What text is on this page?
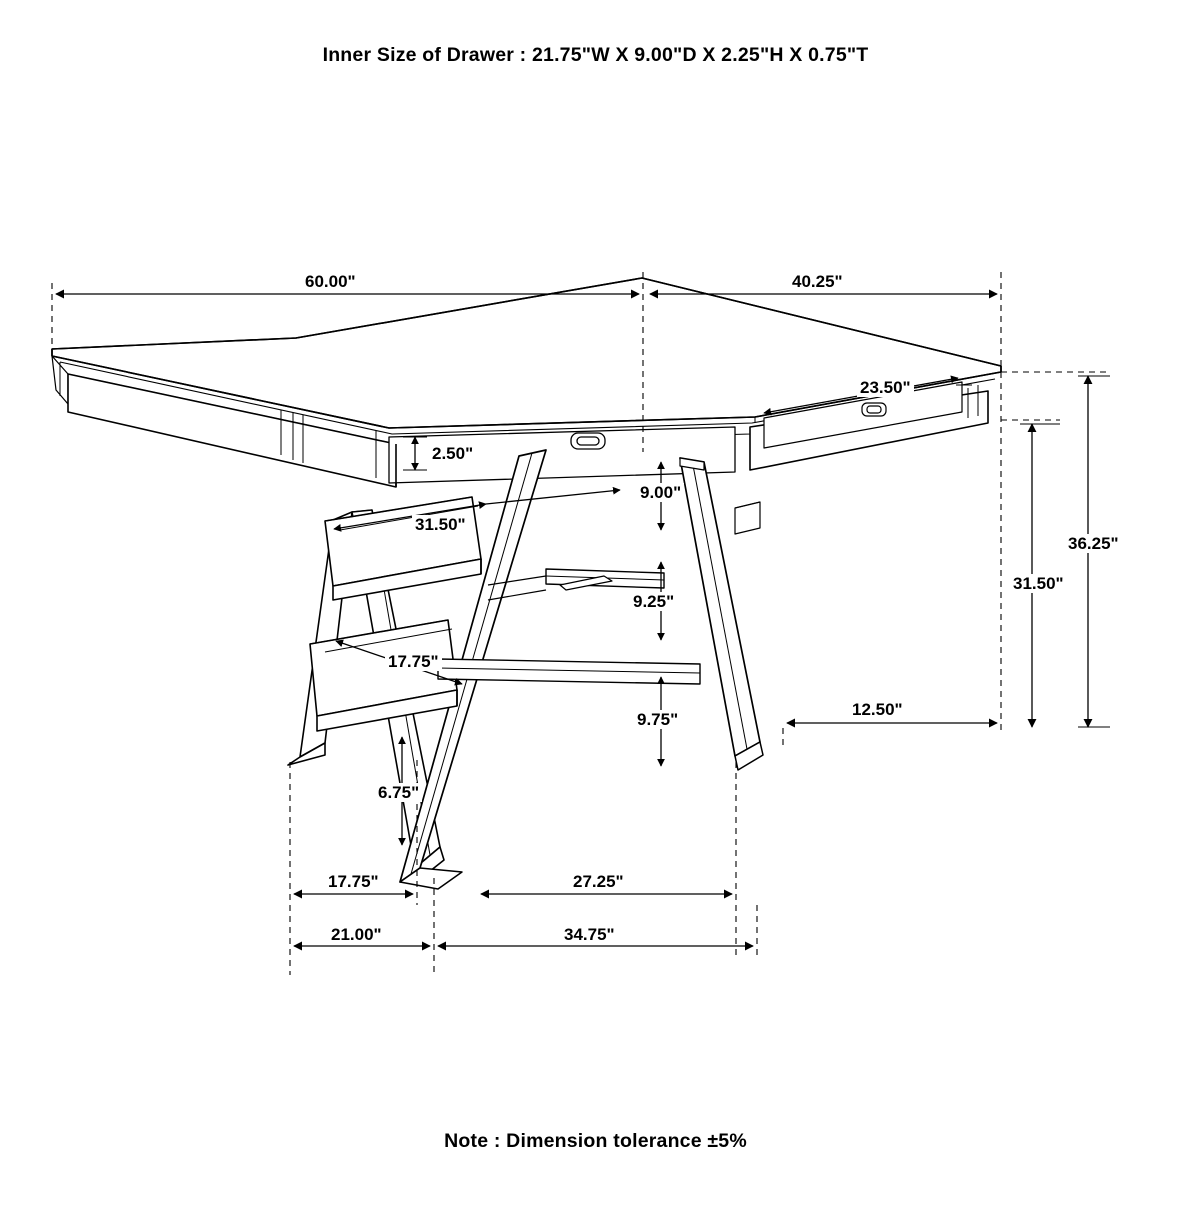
Inner Size of Drawer : 21.75"W X 9.00"D X 2.25"H X 0.75"T
60.00"	40.25"
2.50"
23.50"
31.50"
9.00"
17.75"
9.25"
9.75"
6.75"
12.50"
36.25"
31.50"
17.75"
21.00"
27.25"
34.75"
Note : Dimension tolerance ±5%
